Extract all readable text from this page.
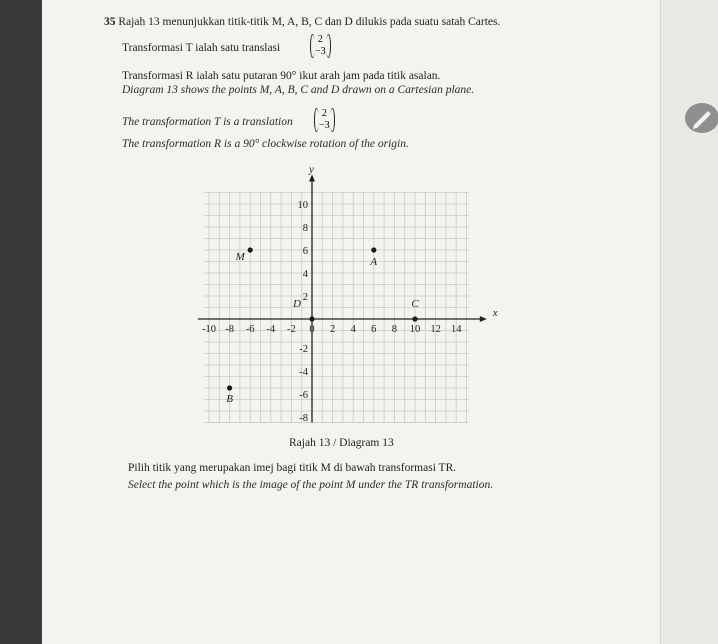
35 Rajah 13 menunjukkan titik-titik M, A, B, C dan D dilukis pada suatu satah Cartes.
Transformasi T ialah satu translasi
2
−3
Transformasi R ialah satu putaran 90° ikut arah jam pada titik asalan.
Diagram 13 shows the points M, A, B, C and D drawn on a Cartesian plane.
The transformation T is a translation
2
−3
The transformation R is a 90° clockwise rotation of the origin.
x
y
-10 -8 -6 -4 -2 0 2 4 6 8 10 12 14
10
8
6
4
2
-2
-4
-6
-8
M	A
B
C
D
Rajah 13 / Diagram 13
Pilih titik yang merupakan imej bagi titik M di bawah transformasi TR.
Select the point which is the image of the point M under the TR transformation.
